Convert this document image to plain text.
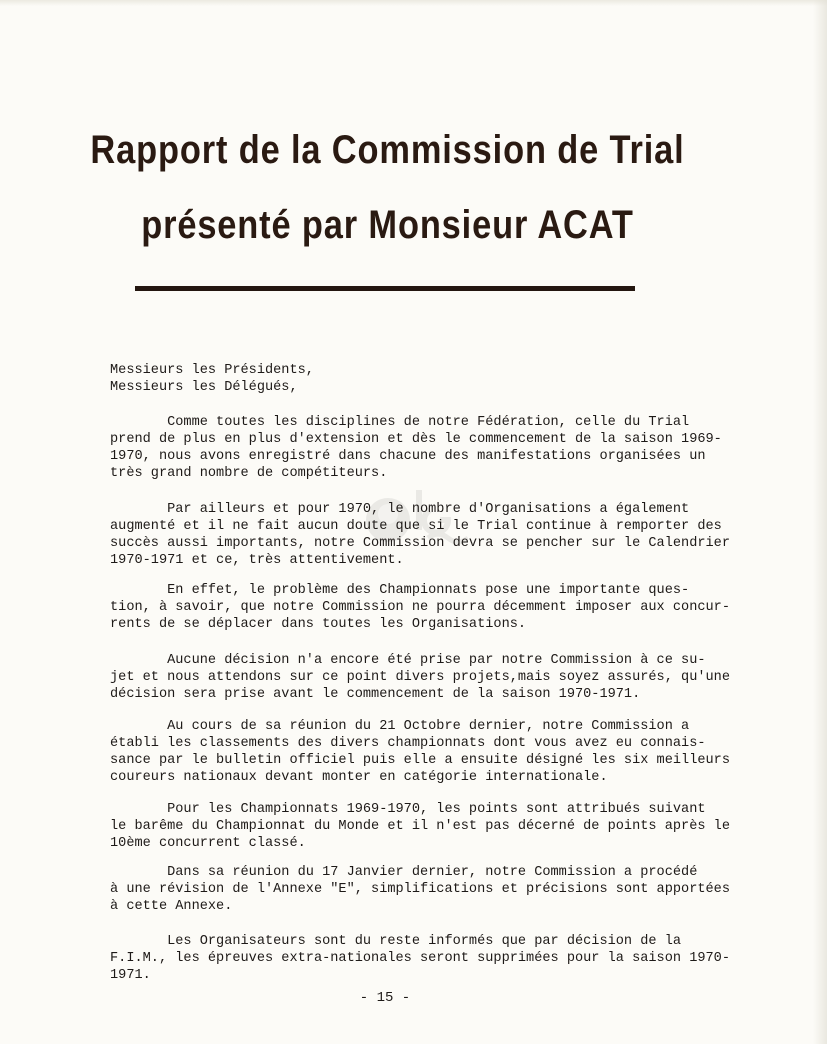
Rapport de la Commission de Trial
présenté par Monsieur ACAT

Messieurs les Présidents,

Messieurs les Délégués,

Comme toutes les disciplines de notre Fédération, celle du Trial

prend de plus en plus d'extension et dès le commencement de la saison 1969-

1970, nous avons enregistré dans chacune des manifestations organisées un

très grand nombre de compétiteurs.

Par ailleurs et pour 1970, le nombre d'Organisations a également

augmenté et il ne fait aucun doute que si le Trial continue à remporter des

succès aussi importants, notre Commission devra se pencher sur le Calendrier

1970-1971 et ce, très attentivement.

En effet, le problème des Championnats pose une importante ques-

tion, à savoir, que notre Commission ne pourra décemment imposer aux concur-

rents de se déplacer dans toutes les Organisations.

Aucune décision n'a encore été prise par notre Commission à ce su-

jet et nous attendons sur ce point divers projets,mais soyez assurés, qu'une

décision sera prise avant le commencement de la saison 1970-1971.

Au cours de sa réunion du 21 Octobre dernier, notre Commission a

établi les classements des divers championnats dont vous avez eu connais-

sance par le bulletin officiel puis elle a ensuite désigné les six meilleurs

coureurs nationaux devant monter en catégorie internationale.

Pour les Championnats 1969-1970, les points sont attribués suivant

le barême du Championnat du Monde et il n'est pas décerné de points après le

10ème concurrent classé.

Dans sa réunion du 17 Janvier dernier, notre Commission a procédé

à une révision de l'Annexe "E", simplifications et précisions sont apportées

à cette Annexe.

Les Organisateurs sont du reste informés que par décision de la

F.I.M., les épreuves extra-nationales seront supprimées pour la saison 1970-

1971.

- 15 -
